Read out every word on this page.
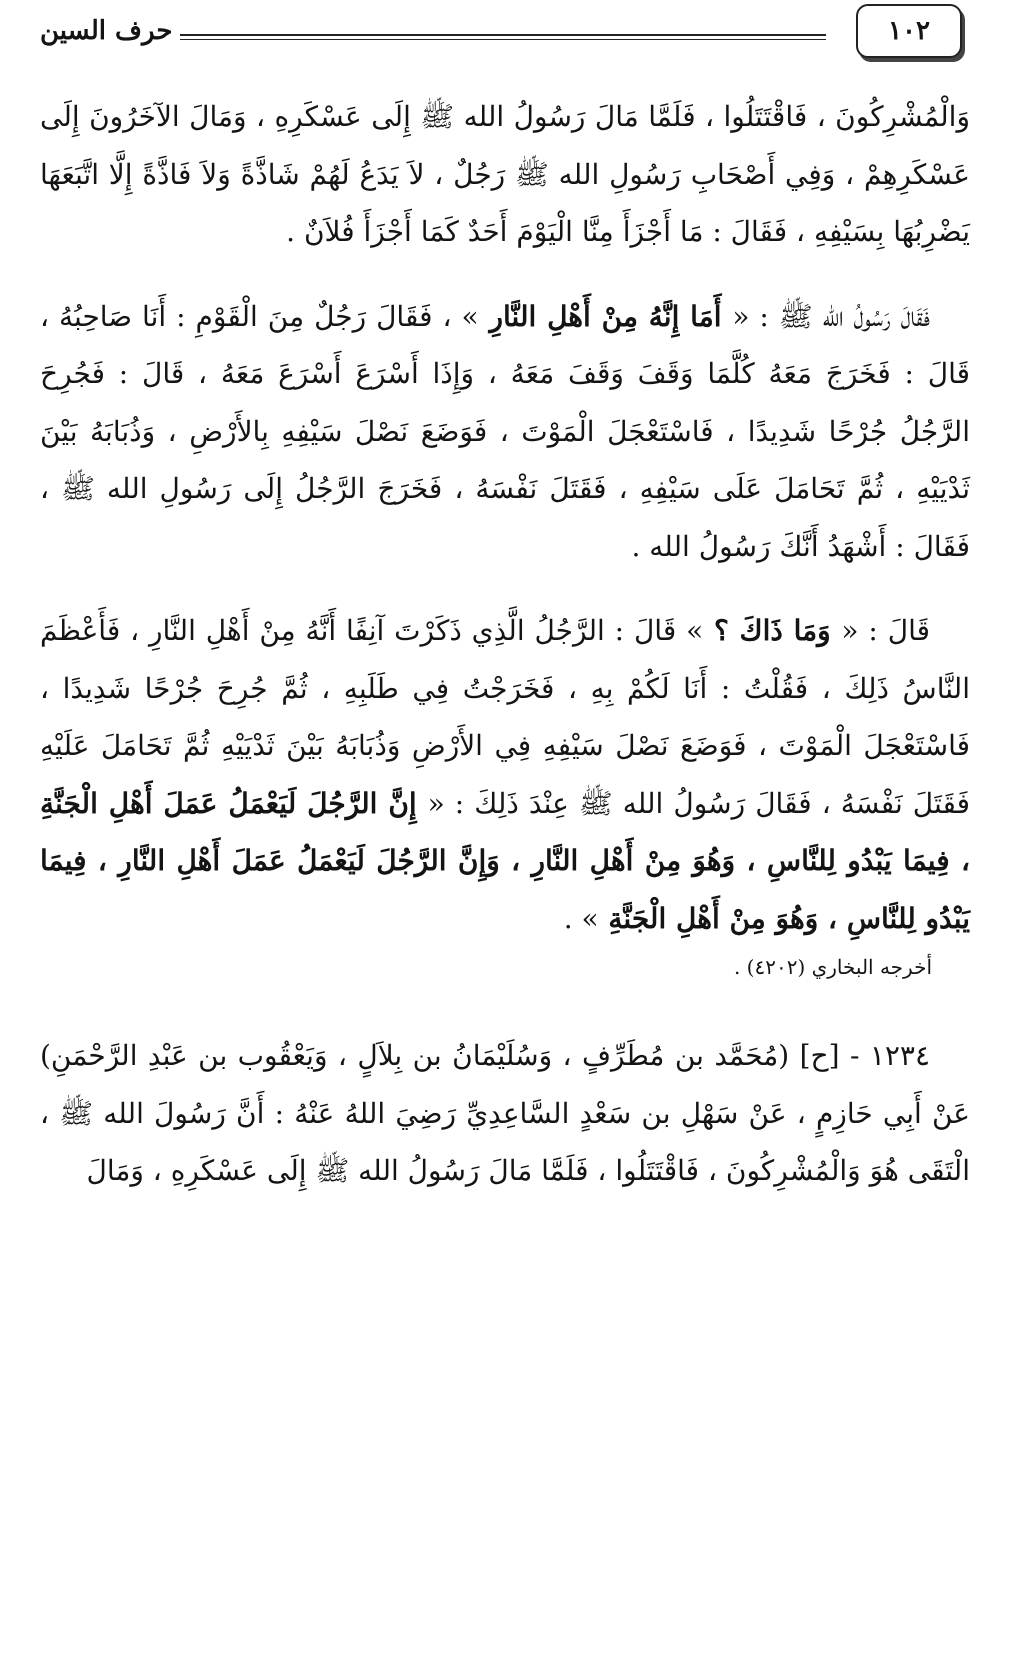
١٠٢
حرف السين

وَالْمُشْرِكُونَ ، فَاقْتَتَلُوا ، فَلَمَّا مَالَ رَسُولُ الله ﷺ إِلَى عَسْكَرِهِ ، وَمَالَ الآخَرُونَ إِلَى عَسْكَرِهِمْ ، وَفِي أَصْحَابِ رَسُولِ الله ﷺ رَجُلٌ ، لاَ يَدَعُ لَهُمْ شَاذَّةً وَلاَ فَاذَّةً إِلَّا اتَّبَعَهَا يَضْرِبُهَا بِسَيْفِهِ ، فَقَالَ : مَا أَجْزَأَ مِنَّا الْيَوْمَ أَحَدٌ كَمَا أَجْزَأَ فُلاَنٌ .

فَقَالَ رَسُولُ الله ﷺ : « أَمَا إِنَّهُ مِنْ أَهْلِ النَّارِ » ، فَقَالَ رَجُلٌ مِنَ الْقَوْمِ : أَنَا صَاحِبُهُ ، قَالَ : فَخَرَجَ مَعَهُ كُلَّمَا وَقَفَ وَقَفَ مَعَهُ ، وَإِذَا أَسْرَعَ أَسْرَعَ مَعَهُ ، قَالَ : فَجُرِحَ الرَّجُلُ جُرْحًا شَدِيدًا ، فَاسْتَعْجَلَ الْمَوْتَ ، فَوَضَعَ نَصْلَ سَيْفِهِ بِالأَرْضِ ، وَذُبَابَهُ بَيْنَ ثَدْيَيْهِ ، ثُمَّ تَحَامَلَ عَلَى سَيْفِهِ ، فَقَتَلَ نَفْسَهُ ، فَخَرَجَ الرَّجُلُ إِلَى رَسُولِ الله ﷺ ، فَقَالَ : أَشْهَدُ أَنَّكَ رَسُولُ الله .

قَالَ : « وَمَا ذَاكَ ؟ » قَالَ : الرَّجُلُ الَّذِي ذَكَرْتَ آنِفًا أَنَّهُ مِنْ أَهْلِ النَّارِ ، فَأَعْظَمَ النَّاسُ ذَلِكَ ، فَقُلْتُ : أَنَا لَكُمْ بِهِ ، فَخَرَجْتُ فِي طَلَبِهِ ، ثُمَّ جُرِحَ جُرْحًا شَدِيدًا ، فَاسْتَعْجَلَ الْمَوْتَ ، فَوَضَعَ نَصْلَ سَيْفِهِ فِي الأَرْضِ وَذُبَابَهُ بَيْنَ ثَدْيَيْهِ ثُمَّ تَحَامَلَ عَلَيْهِ فَقَتَلَ نَفْسَهُ ، فَقَالَ رَسُولُ الله ﷺ عِنْدَ ذَلِكَ : « إِنَّ الرَّجُلَ لَيَعْمَلُ عَمَلَ أَهْلِ الْجَنَّةِ ، فِيمَا يَبْدُو لِلنَّاسِ ، وَهُوَ مِنْ أَهْلِ النَّارِ ، وَإِنَّ الرَّجُلَ لَيَعْمَلُ عَمَلَ أَهْلِ النَّارِ ، فِيمَا يَبْدُو لِلنَّاسِ ، وَهُوَ مِنْ أَهْلِ الْجَنَّةِ » .

أخرجه البخاري (٤٢٠٢) .

١٢٣٤ - [ح] (مُحَمَّد بن مُطَرِّفٍ ، وَسُلَيْمَانُ بن بِلاَلٍ ، وَيَعْقُوب بن عَبْدِ الرَّحْمَنِ) عَنْ أَبِي حَازِمٍ ، عَنْ سَهْلِ بن سَعْدٍ السَّاعِدِيِّ رَضِيَ اللهُ عَنْهُ : أَنَّ رَسُولَ الله ﷺ ، الْتَقَى هُوَ وَالْمُشْرِكُونَ ، فَاقْتَتَلُوا ، فَلَمَّا مَالَ رَسُولُ الله ﷺ إِلَى عَسْكَرِهِ ، وَمَالَ
